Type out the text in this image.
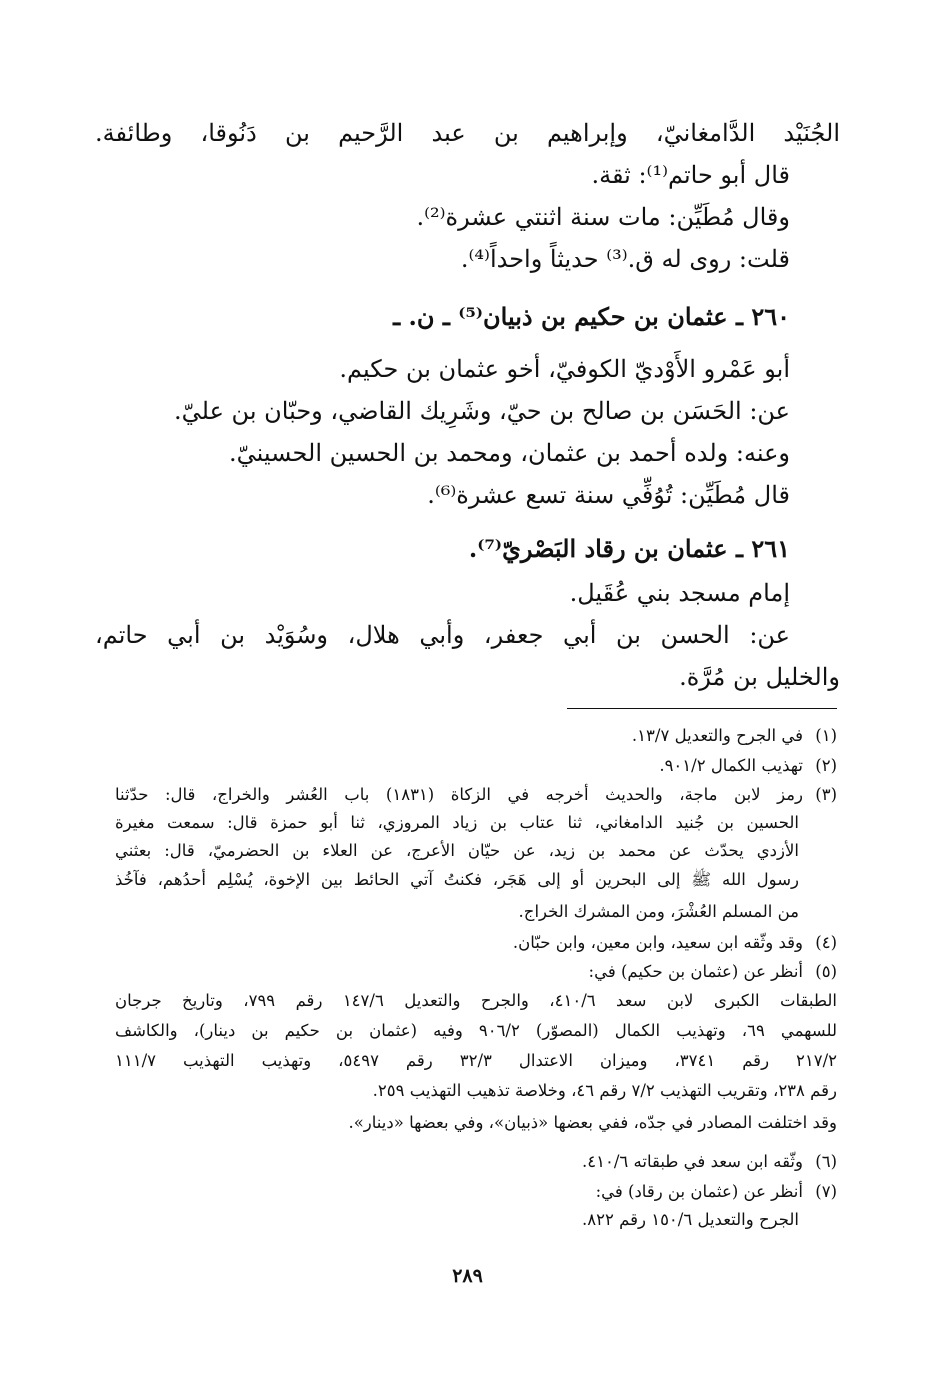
الجُنَيْد الدَّامغانيّ، وإبراهيم بن عبد الرَّحيم بن دَنُوقا، وطائفة.
قال أبو حاتم⁽¹⁾: ثقة.
وقال مُطَيِّن: مات سنة اثنتي عشرة⁽²⁾.
قلت: روى له ق.⁽³⁾ حديثاً واحداً⁽⁴⁾.
٢٦٠ ـ عثمان بن حكيم بن ذبيان⁽⁵⁾ ـ ن. ـ
أبو عَمْرو الأَوْديّ الكوفيّ، أخو عثمان بن حكيم.
عن: الحَسَن بن صالح بن حيّ، وشَرِيك القاضي، وحبّان بن عليّ.
وعنه: ولده أحمد بن عثمان، ومحمد بن الحسين الحسينيّ.
قال مُطَيِّن: تُوُفِّي سنة تسع عشرة⁽⁶⁾.
٢٦١ ـ عثمان بن رقاد البَصْريّ⁽⁷⁾.
إمام مسجد بني عُقَيل.
عن: الحسن بن أبي جعفر، وأبي هلال، وسُوَيْد بن أبي حاتم،
والخليل بن مُرَّة.
(١)في الجرح والتعديل ١٣/٧.
(٢)تهذيب الكمال ٩٠١/٢.
(٣)رمز لابن ماجة، والحديث أخرجه في الزكاة (١٨٣١) باب العُشر والخراج، قال: حدّثنا
الحسين بن جُنيد الدامغاني، ثنا عتاب بن زياد المروزي، ثنا أبو حمزة قال: سمعت مغيرة
الأزدي يحدّث عن محمد بن زيد، عن حيّان الأعرج، عن العلاء بن الحضرميّ، قال: بعثني
رسول الله ﷺ إلى البحرين أو إلى هَجَر، فكنتُ آتي الحائط بين الإخوة، يُسْلِم أحدُهم، فآخُذ
من المسلم العُشْرَ، ومن المشرك الخراج.
(٤)وقد وثّقه ابن سعيد، وابن معين، وابن حبّان.
(٥)أنظر عن (عثمان بن حكيم) في:
الطبقات الكبرى لابن سعد ٤١٠/٦، والجرح والتعديل ١٤٧/٦ رقم ٧٩٩، وتاريخ جرجان
للسهمي ٦٩، وتهذيب الكمال (المصوّر) ٩٠٦/٢ وفيه (عثمان بن حكيم بن دينار)، والكاشف
٢١٧/٢ رقم ٣٧٤١، وميزان الاعتدال ٣٢/٣ رقم ٥٤٩٧، وتهذيب التهذيب ١١١/٧
رقم ٢٣٨، وتقريب التهذيب ٧/٢ رقم ٤٦، وخلاصة تذهيب التهذيب ٢٥٩.
وقد اختلفت المصادر في جدّه، ففي بعضها «ذبيان»، وفي بعضها «دينار».
(٦)وثّقه ابن سعد في طبقاته ٤١٠/٦.
(٧)أنظر عن (عثمان بن رقاد) في:
الجرح والتعديل ١٥٠/٦ رقم ٨٢٢.
٢٨٩
